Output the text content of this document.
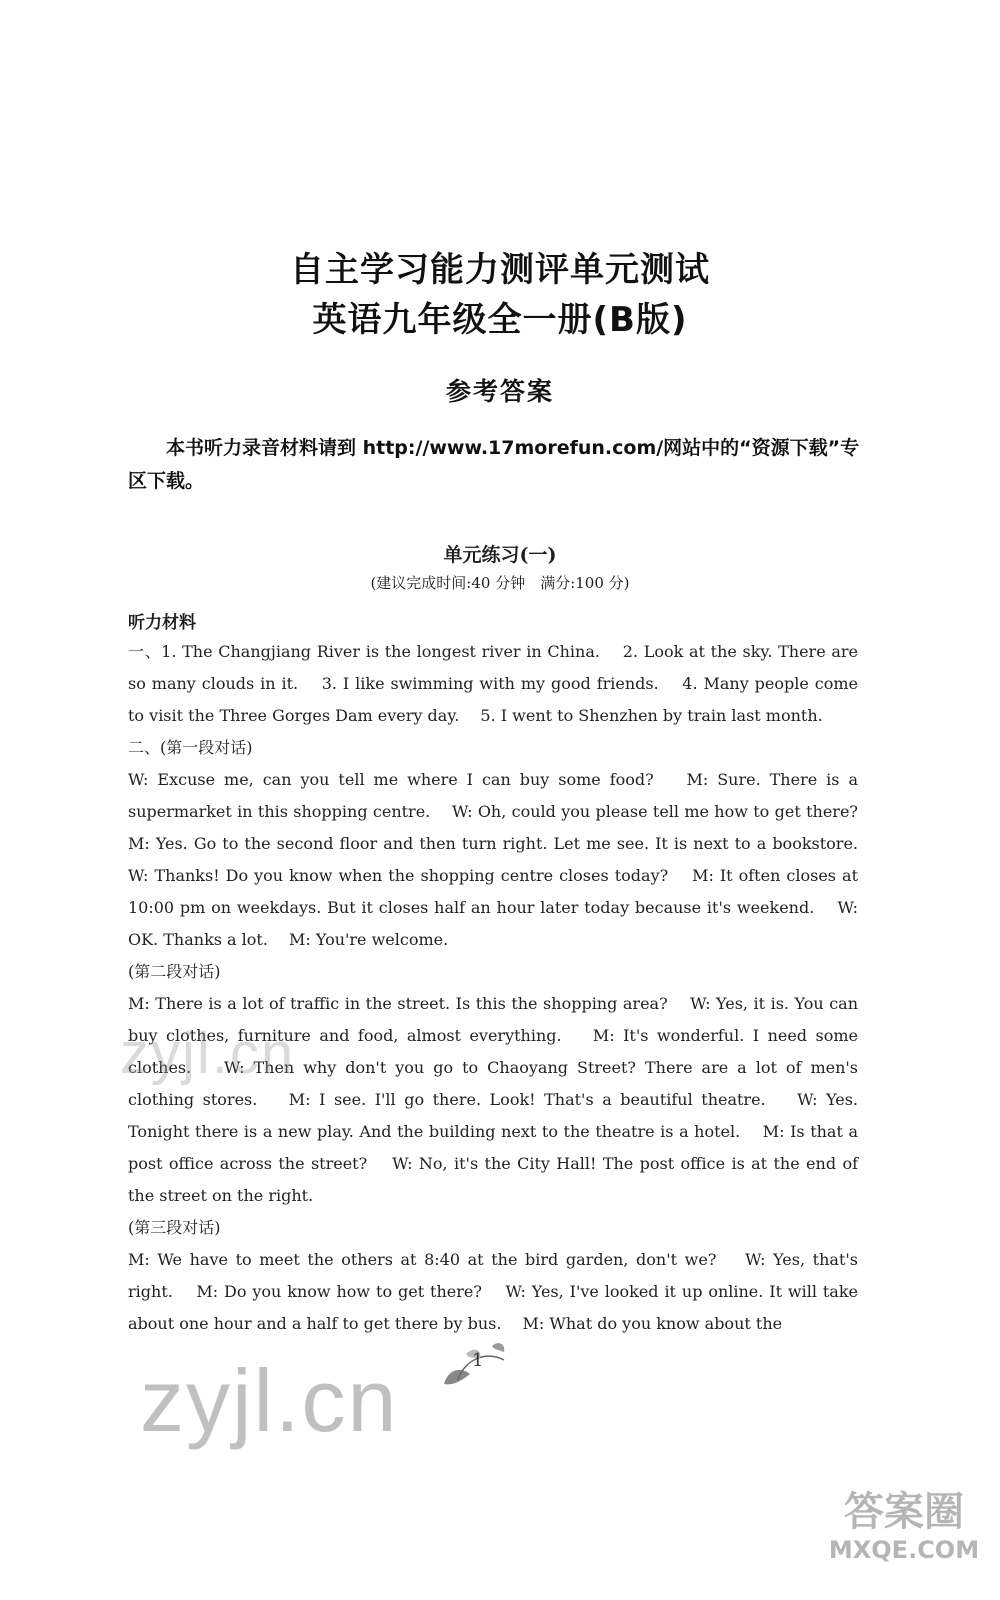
自主学习能力测评单元测试
英语九年级全一册(B版)
参考答案
本书听力录音材料请到 http://www.17morefun.com/网站中的“资源下载”专区下载。
单元练习(一)
(建议完成时间:40 分钟　满分:100 分)
听力材料
一、1. The Changjiang River is the longest river in China.　 2. Look at the sky. There are so many clouds in it.　 3. I like swimming with my good friends.　 4. Many people come to visit the Three Gorges Dam every day.　 5. I went to Shenzhen by train last month.
二、(第一段对话)
W: Excuse me, can you tell me where I can buy some food?　 M: Sure. There is a supermarket in this shopping centre.　 W: Oh, could you please tell me how to get there?　 M: Yes. Go to the second floor and then turn right. Let me see. It is next to a bookstore.　 W: Thanks! Do you know when the shopping centre closes today?　 M: It often closes at 10:00 pm on weekdays. But it closes half an hour later today because it's weekend.　 W: OK. Thanks a lot.　 M: You're welcome.
(第二段对话)
M: There is a lot of traffic in the street. Is this the shopping area?　 W: Yes, it is. You can buy clothes, furniture and food, almost everything.　 M: It's wonderful. I need some clothes.　 W: Then why don't you go to Chaoyang Street? There are a lot of men's clothing stores.　 M: I see. I'll go there. Look! That's a beautiful theatre.　 W: Yes. Tonight there is a new play. And the building next to the theatre is a hotel.　 M: Is that a post office across the street?　 W: No, it's the City Hall! The post office is at the end of the street on the right.
(第三段对话)
M: We have to meet the others at 8:40 at the bird garden, don't we?　 W: Yes, that's right.　 M: Do you know how to get there?　 W: Yes, I've looked it up online. It will take about one hour and a half to get there by bus.　 M: What do you know about the
1
zyjl.cn
zyjl.cn
答案圈
MXQE.COM
